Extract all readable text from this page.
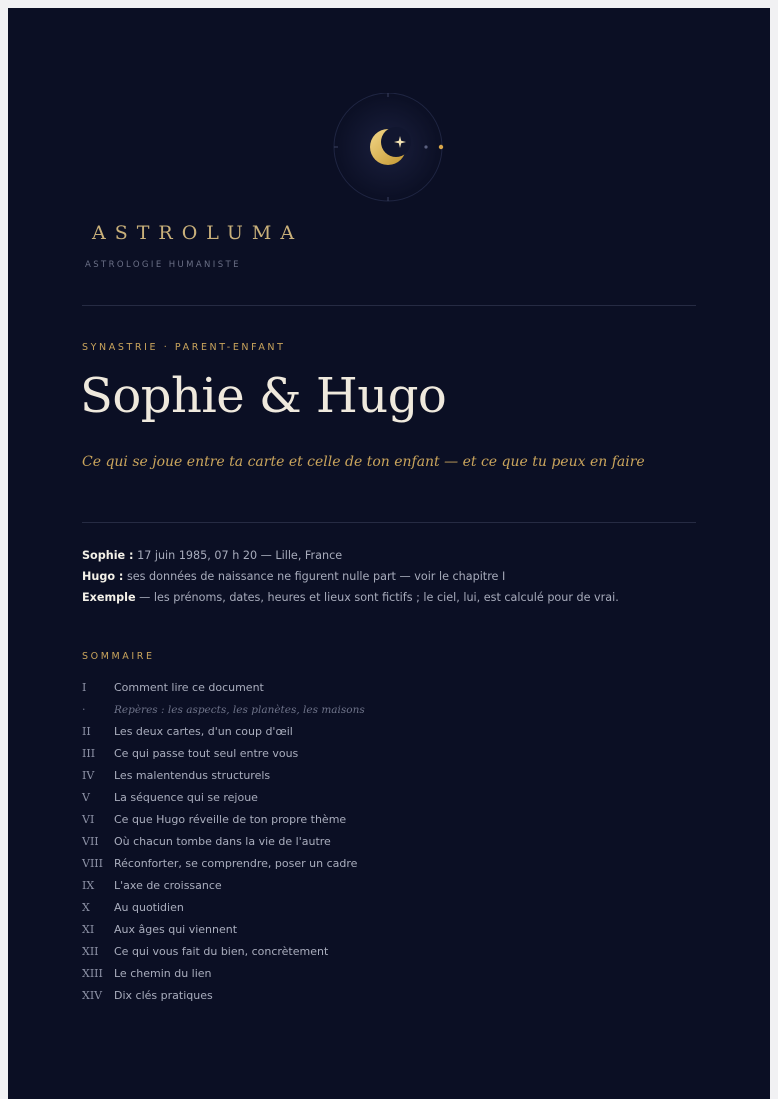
ASTROLUMA
ASTROLOGIE HUMANISTE
SYNASTRIE · PARENT-ENFANT
Sophie & Hugo
Ce qui se joue entre ta carte et celle de ton enfant — et ce que tu peux en faire
Sophie : 17 juin 1985, 07 h 20 — Lille, France
Hugo : ses données de naissance ne figurent nulle part — voir le chapitre I
Exemple — les prénoms, dates, heures et lieux sont fictifs ; le ciel, lui, est calculé pour de vrai.
SOMMAIRE
I	Comment lire ce document
·	Repères : les aspects, les planètes, les maisons
II Les deux cartes, d'un coup d'œil
III Ce qui passe tout seul entre vous
IV Les malentendus structurels
V La séquence qui se rejoue
VI Ce que Hugo réveille de ton propre thème
VII Où chacun tombe dans la vie de l'autre
VIII Réconforter, se comprendre, poser un cadre
IX L'axe de croissance
X Au quotidien
XI Aux âges qui viennent
XII Ce qui vous fait du bien, concrètement
XIII Le chemin du lien
XIV Dix clés pratiques
